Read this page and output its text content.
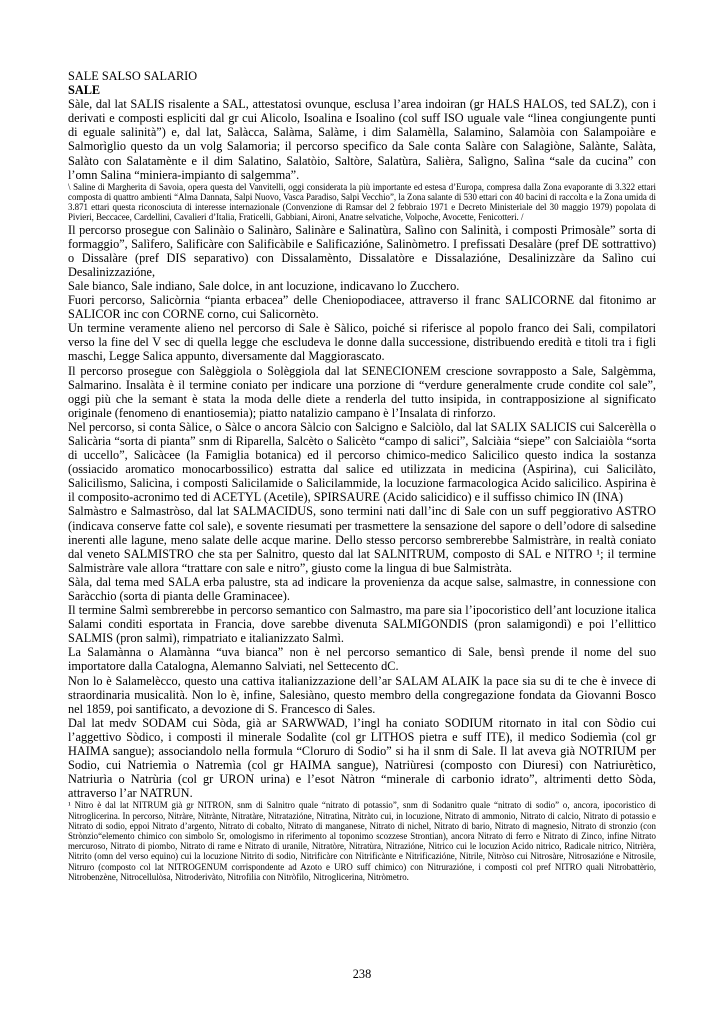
SALE SALSO SALARIO
SALE

Sàle, dal lat SALIS risalente a SAL, attestatosi ovunque, esclusa l’area indoiran (gr HALS HALOS, ted SALZ), con i derivati e composti espliciti dal gr cui Alicolo, Isoalina e Isoalino (col suff ISO uguale vale “linea congiungente punti di eguale salinità”) e, dal lat, Salàcca, Salàma, Salàme, i dim Salamèlla, Salamino, Salamòia con Salampoiàre e Salmorìglio questo da un volg Salamoria; il percorso specifico da Sale conta Salàre con Salagiòne, Salànte, Salàta, Salàto con Salatamènte e il dim Salatino, Salatòio, Saltòre, Salatùra, Salièra, Salìgno, Salìna “sale da cucina” con l’omn Salina “miniera-impianto di salgemma”.

\ Saline di Margherita di Savoia, opera questa del Vanvitelli, oggi considerata la più importante ed estesa d’Europa, compresa dalla Zona evaporante di 3.322 ettari composta di quattro ambienti “Alma Dannata, Salpi Nuovo, Vasca Paradiso, Salpi Vecchio”, la Zona salante di 530 ettari con 40 bacini di raccolta e la Zona umida di 3.871 ettari questa riconosciuta di interesse internazionale (Convenzione di Ramsar del 2 febbraio 1971 e Decreto Ministeriale del 30 maggio 1979) popolata di Pivieri, Beccacee, Cardellini, Cavalieri d’Italia, Fraticelli, Gabbiani, Aironi, Anatre selvatiche, Volpoche, Avocette, Fenicotteri. /

Il percorso prosegue con Salinàio o Salinàro, Salinàre e Salinatùra, Salìno con Salinità, i composti Primosàle” sorta di formaggio”, Salìfero, Salificàre con Salificàbile e Salificazióne, Salinòmetro. I prefissati Desalàre (pref DE sottrattivo) o Dissalàre (pref DIS separativo) con Dissalamènto, Dissalatòre e Dissalazióne, Desalinizzàre da Salìno cui Desalinizzazióne,

Sale bianco, Sale indiano, Sale dolce, in ant locuzione, indicavano lo Zucchero.

Fuori percorso, Salicòrnia “pianta erbacea” delle Cheniopodiacee, attraverso il franc SALICORNE dal fitonimo ar SALICOR inc con CORNE corno, cui Salicornèto.

Un termine veramente alieno nel percorso di Sale è Sàlico, poiché si riferisce al popolo franco dei Sali, compilatori verso la fine del V sec di quella legge che escludeva le donne dalla successione, distribuendo eredità e titoli tra i figli maschi, Legge Salica appunto, diversamente dal Maggiorascato.

Il percorso prosegue con Salèggiola o Solèggiola dal lat SENECIONEM crescione sovrapposto a Sale, Salgèmma, Salmarino. Insalàta è il termine coniato per indicare una porzione di “verdure generalmente crude condite col sale”, oggi più che la semant è stata la moda delle diete a renderla del tutto insipida, in contrapposizione al significato originale (fenomeno di enantiosemia); piatto natalizio campano è l’Insalata di rinforzo.

Nel percorso, si conta Sàlice, o Sàlce o ancora Sàlcio con Salcigno e Salciòlo, dal lat SALIX SALICIS cui Salcerèlla o Salicària “sorta di pianta” snm di Riparella, Salcèto o Salicèto “campo di salici”, Salciàia “siepe” con Salciaiòla “sorta di uccello”, Salicàcee (la Famiglia botanica) ed il percorso chimico-medico Salicilico questo indica la sostanza (ossiacido aromatico monocarbossilico) estratta dal salice ed utilizzata in medicina (Aspirina), cui Salicilàto, Salicilìsmo, Salicìna, i composti Salicilamide o Salicilammide, la locuzione farmacologica Acido salicilico. Aspirina è il composito-acronimo ted di ACETYL (Acetile), SPIRSAURE (Acido salicidico) e il suffisso chimico IN (INA)

Salmàstro e Salmastròso, dal lat SALMACIDUS, sono termini nati dall’inc di Sale con un suff peggiorativo ASTRO (indicava conserve fatte col sale), e sovente riesumati per trasmettere la sensazione del sapore o dell’odore di salsedine inerenti alle lagune, meno salate delle acque marine. Dello stesso percorso sembrerebbe Salmistràre, in realtà coniato dal veneto SALMISTRO che sta per Salnitro, questo dal lat SALNITRUM, composto di SAL e NITRO ¹; il termine Salmistràre vale allora “trattare con sale e nitro”, giusto come la lingua di bue Salmistràta.

Sàla, dal tema med SALA erba palustre, sta ad indicare la provenienza da acque salse, salmastre, in connessione con Saràcchio (sorta di pianta delle Graminacee).

Il termine Salmì sembrerebbe in percorso semantico con Salmastro, ma pare sia l’ipocoristico dell’ant locuzione italica Salami conditi esportata in Francia, dove sarebbe divenuta SALMIGONDIS (pron salamigondì) e poi l’ellittico SALMIS (pron salmì), rimpatriato e italianizzato Salmì.

La Salamànna o Alamànna “uva bianca” non è nel percorso semantico di Sale, bensì prende il nome del suo importatore dalla Catalogna, Alemanno Salviati, nel Settecento dC.

Non lo è Salamelècco, questo una cattiva italianizzazione dell’ar SALAM ALAIK la pace sia su di te che è invece di straordinaria musicalità. Non lo è, infine, Salesiàno, questo membro della congregazione fondata da Giovanni Bosco nel 1859, poi santificato, a devozione di S. Francesco di Sales.

Dal lat medv SODAM cui Sòda, già ar SARWWAD, l’ingl ha coniato SODIUM ritornato in ital con Sòdio cui l’aggettivo Sòdico, i composti il minerale Sodalìte (col gr LITHOS pietra e suff ITE), il medico Sodiemìa (col gr HAIMA sangue); associandolo nella formula “Cloruro di Sodio” si ha il snm di Sale. Il lat aveva già NOTRIUM per Sodio, cui Natriemìa o Natremìa (col gr HAIMA sangue), Natriùresi (composto con Diuresi) con Natriurètico, Natriurìa o Natrùria (col gr URON urina) e l’esot Nàtron “minerale di carbonio idrato”, altrimenti detto Sòda, attraverso l’ar NATRUN.

¹ Nitro è dal lat NITRUM già gr NITRON, snm di Salnitro quale “nitrato di potassio”, snm di Sodanitro quale “nitrato di sodio” o, ancora, ipocoristico di Nitroglicerina. In percorso, Nitràre, Nitrànte, Nitratàre, Nitratazióne, Nitratìna, Nitràto cui, in locuzione, Nitrato di ammonio, Nitrato di calcio, Nitrato di potassio e Nitrato di sodio, eppoi Nitrato d’argento, Nitrato di cobalto, Nitrato di manganese, Nitrato di nichel, Nitrato di bario, Nitrato di magnesio, Nitrato di stronzio (con Strònzio“elemento chimico con simbolo Sr, omologismo in riferimento al toponimo scozzese Strontian), ancora Nitrato di ferro e Nitrato di Zinco, infine Nitrato mercuroso, Nitrato di piombo, Nitrato di rame e Nitrato di uranile, Nitratòre, Nitratùra, Nitrazióne, Nitrico cui le locuzion Acido nitrico, Radicale nitrico, Nitrièra, Nitrito (omn del verso equino) cui la locuzione Nitrito di sodio, Nitrificàre con Nitrificànte e Nitrificazióne, Nitrile, Nitròso cui Nitrosàre, Nitrosazióne e Nitrosile, Nitruro (composto col lat NITROGENUM corrispondente ad Azoto e URO suff chimico) con Nitrurazióne, i composti col pref NITRO quali Nitrobattèrio, Nitrobenzène, Nitrocellulòsa, Nitroderivàto, Nitrofilia con Nitròfilo, Nitroglicerina, Nitròmetro.

238
